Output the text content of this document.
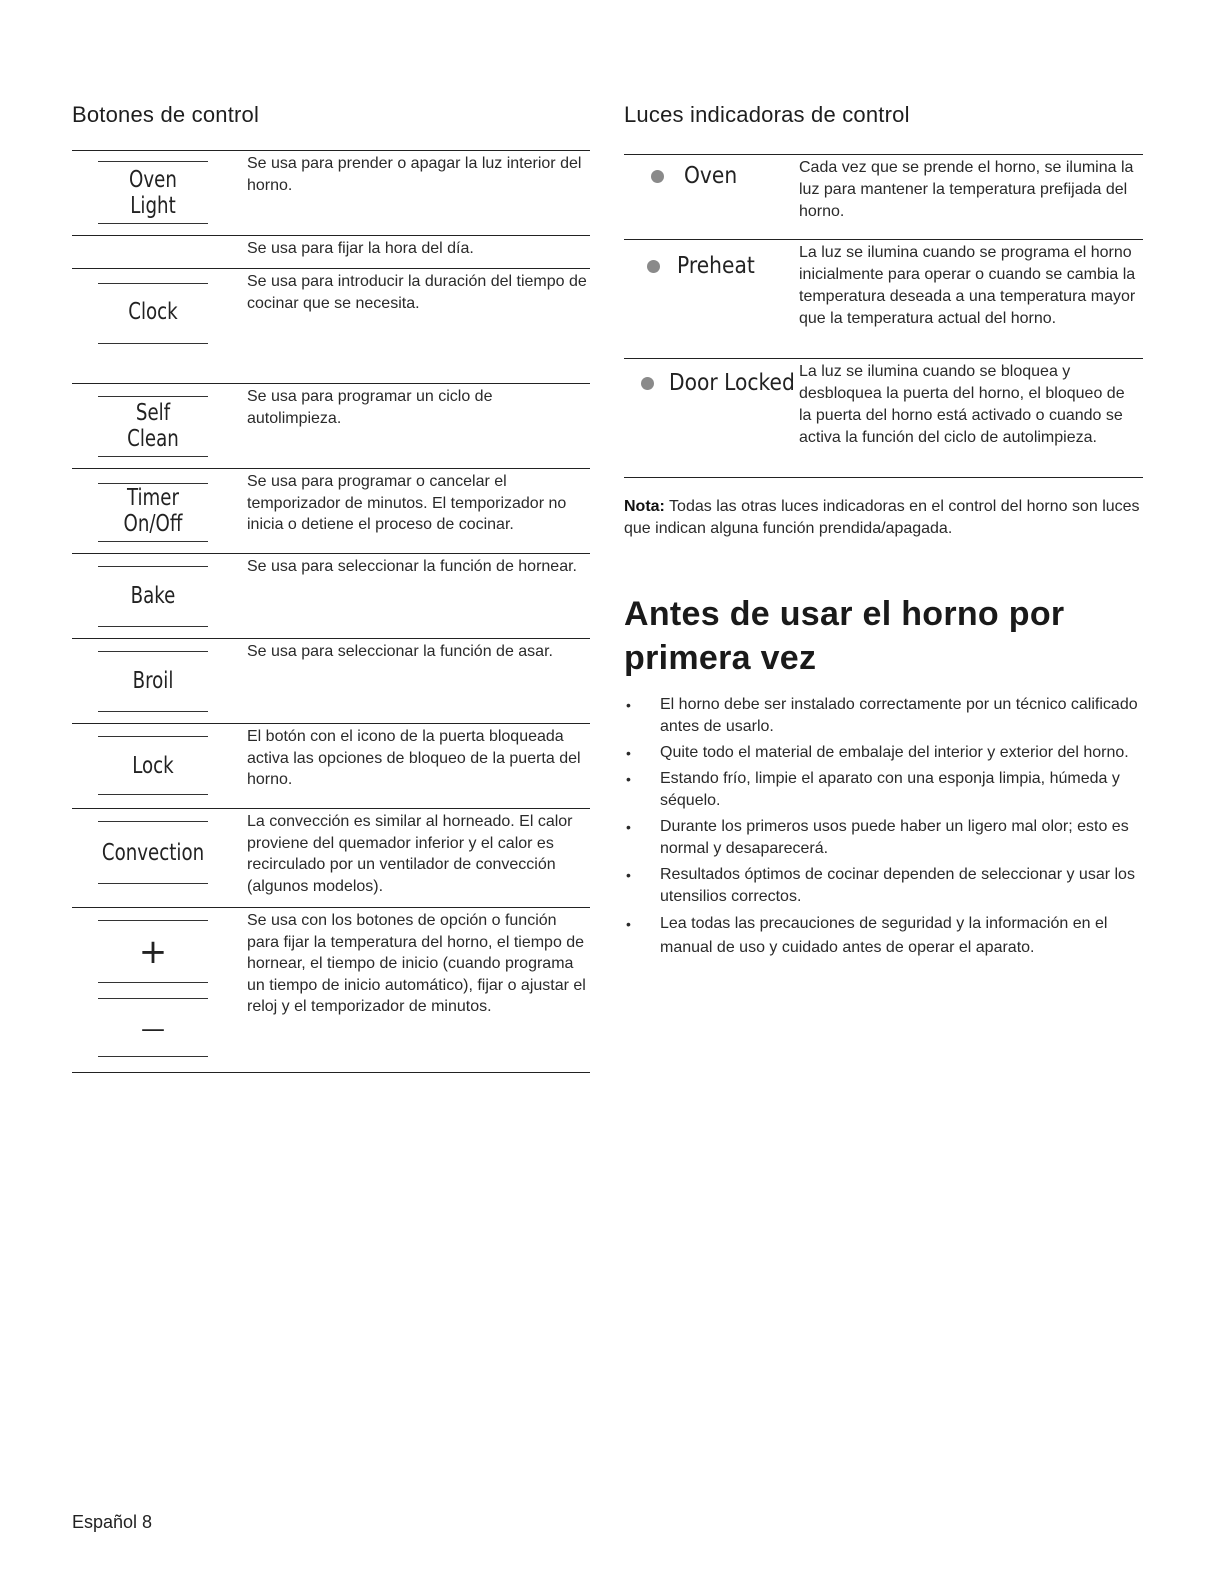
Botones de control	Luces indicadoras de control
Oven
Light
Se usa para prender o apagar la luz interior del horno.
Se usa para fijar la hora del día.
Clock
Se usa para introducir la duración del tiempo de cocinar que se necesita.
Self
Clean
Se usa para programar un ciclo de autolimpieza.
Timer
On/Off
Se usa para programar o cancelar el temporizador de minutos. El temporizador no inicia o detiene el proceso de cocinar.
Bake
Se usa para seleccionar la función de hornear.
Broil
Se usa para seleccionar la función de asar.
Lock
El botón con el icono de la puerta bloqueada activa las opciones de bloqueo de la puerta del horno.
Convection
La convección es similar al horneado. El calor proviene del quemador inferior y el calor es recirculado por un ventilador de convección (algunos modelos).
+
—
Se usa con los botones de opción o función para fijar la temperatura del horno, el tiempo de hornear, el tiempo de inicio (cuando programa un tiempo de inicio automático), fijar o ajustar el reloj y el temporizador de minutos.
Oven	Cada vez que se prende el horno, se ilumina la luz para mantener la temperatura prefijada del horno.
Preheat
La luz se ilumina cuando se programa el horno inicialmente para operar o cuando se cambia la temperatura deseada a una temperatura mayor que la temperatura actual del horno.
Door Locked La luz se ilumina cuando se bloquea y desbloquea la puerta del horno, el bloqueo de la puerta del horno está activado o cuando se activa la función del ciclo de autolimpieza.
Nota: Todas las otras luces indicadoras en el control del horno son luces que indican alguna función prendida/apagada.
Antes de usar el horno por primera vez
• El horno debe ser instalado correctamente por un técnico calificado antes de usarlo.
• Quite todo el material de embalaje del interior y exterior del horno.
• Estando frío, limpie el aparato con una esponja limpia, húmeda y séquelo.
• Durante los primeros usos puede haber un ligero mal olor; esto es normal y desaparecerá.
• Resultados óptimos de cocinar dependen de seleccionar y usar los utensilios correctos.
• Lea todas las precauciones de seguridad y la información en el manual de uso y cuidado antes de operar el aparato.
Español 8
